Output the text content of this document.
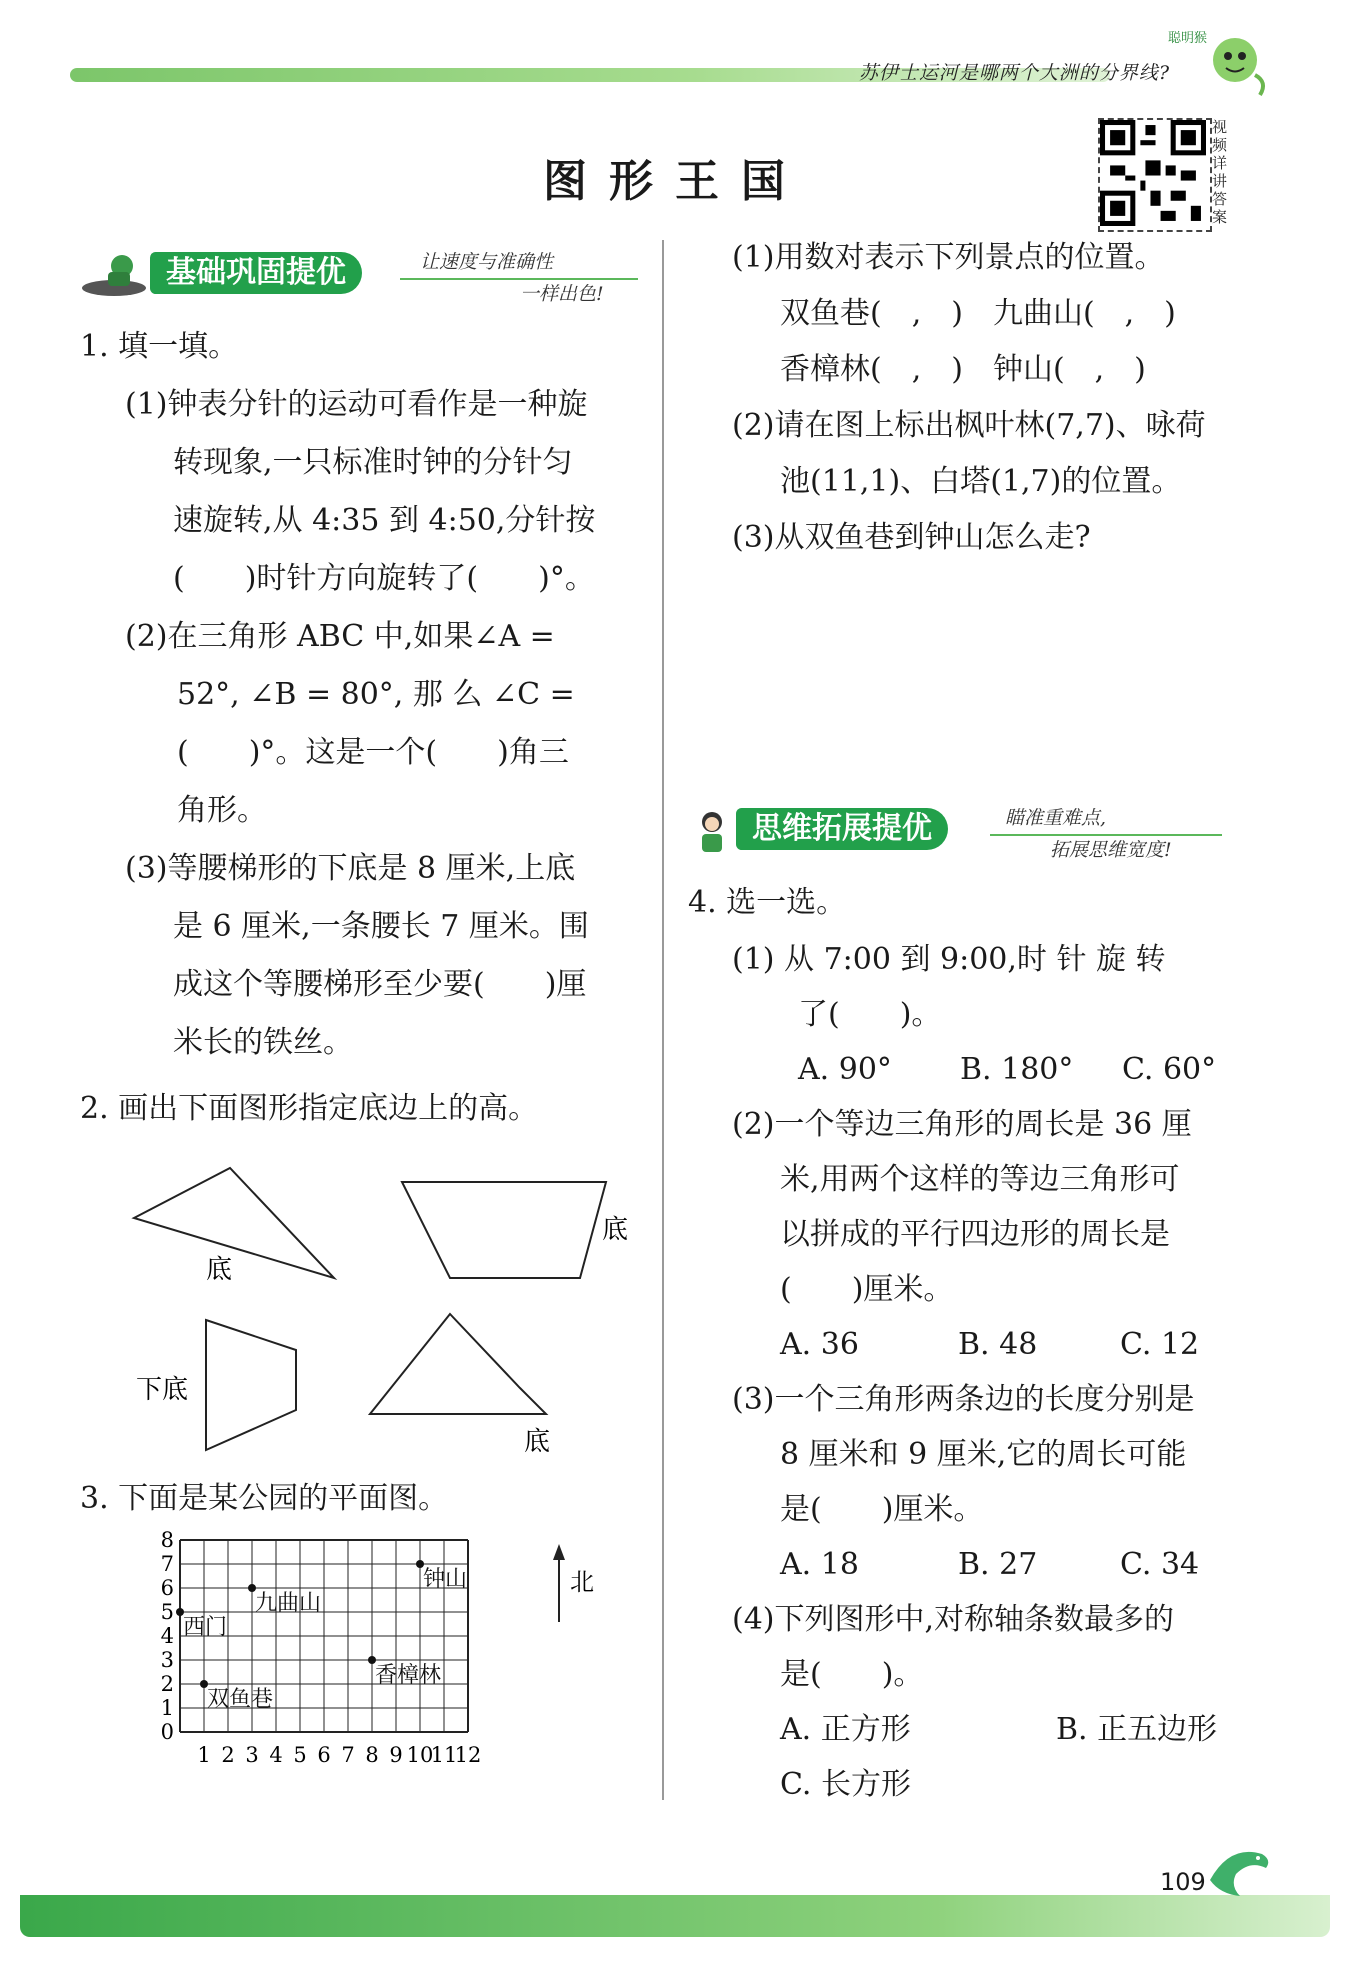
苏伊士运河是哪两个大洲的分界线?
聪明猴
视频详讲答案
图形王国
基础巩固提优	让速度与准确性
一样出色!
1. 填一填。
(1)钟表分针的运动可看作是一种旋
转现象,一只标准时钟的分针匀
速旋转,从 4:35 到 4:50,分针按
(　　)时针方向旋转了(　　)°。
(2)在三角形 ABC 中,如果∠A =
52°, ∠B = 80°, 那 么 ∠C =
(　　)°。这是一个(　　)角三
角形。
(3)等腰梯形的下底是 8 厘米,上底
是 6 厘米,一条腰长 7 厘米。围
成这个等腰梯形至少要(　　)厘
米长的铁丝。
2. 画出下面图形指定底边上的高。
底
底
下底
底
3. 下面是某公园的平面图。
1 2 3 4 5 6 7 8 9 10
11
12
0
1
2
3
4
5
6
7
8
西门
九曲山
钟山
香樟林
双鱼巷
北
(1)用数对表示下列景点的位置。
双鱼巷(　,　)　九曲山(　,　)
香樟林(　,　)　钟山(　,　)
(2)请在图上标出枫叶林(7,7)、咏荷
池(11,1)、白塔(1,7)的位置。
(3)从双鱼巷到钟山怎么走?
思维拓展提优	瞄准重难点,
拓展思维宽度!
4. 选一选。
(1) 从 7:00 到 9:00,时 针 旋 转
了(　　)。
A. 90° B. 180° C. 60°
(2)一个等边三角形的周长是 36 厘
米,用两个这样的等边三角形可
以拼成的平行四边形的周长是
(　　)厘米。
A. 36	B. 48	C. 12
(3)一个三角形两条边的长度分别是
8 厘米和 9 厘米,它的周长可能
是(　　)厘米。
A. 18	B. 27	C. 34
(4)下列图形中,对称轴条数最多的
是(　　)。
A. 正方形	B. 正五边形
C. 长方形
109
